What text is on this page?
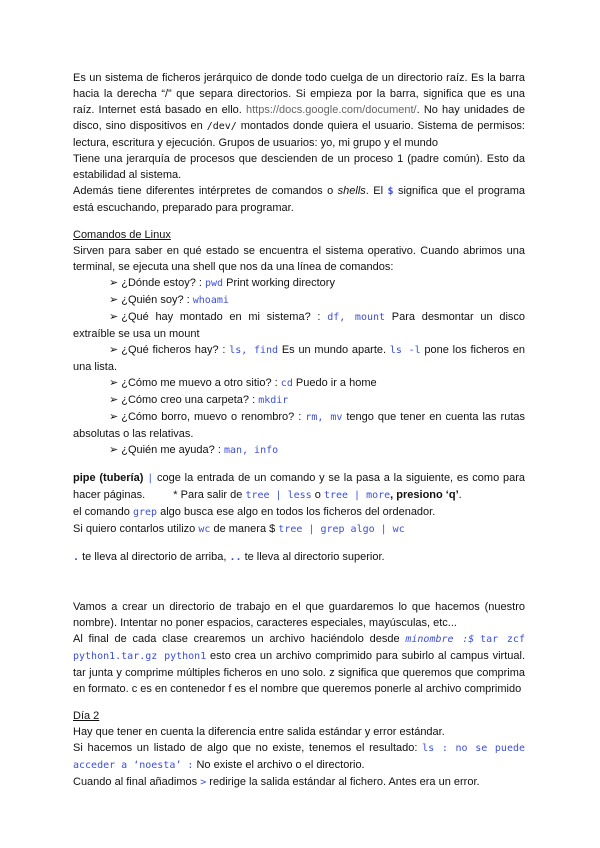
Es un sistema de ficheros jerárquico de donde todo cuelga de un directorio raíz. Es la barra hacia la derecha “/” que separa directorios. Si empieza por la barra, significa que es una raíz. Internet está basado en ello. https://docs.google.com/document/. No hay unidades de disco, sino dispositivos en /dev/ montados donde quiera el usuario. Sistema de permisos: lectura, escritura y ejecución. Grupos de usuarios: yo, mi grupo y el mundo

Tiene una jerarquía de procesos que descienden de un proceso 1 (padre común). Esto da estabilidad al sistema.

Además tiene diferentes intérpretes de comandos o shells. El $ significa que el programa está escuchando, preparado para programar.

Comandos de Linux

Sirven para saber en qué estado se encuentra el sistema operativo. Cuando abrimos una terminal, se ejecuta una shell que nos da una línea de comandos:

➢ ¿Dónde estoy? : pwd Print working directory

➢ ¿Quién soy? : whoami

➢ ¿Qué hay montado en mi sistema? : df, mount Para desmontar un disco extraíble se usa un mount

➢ ¿Qué ficheros hay? : ls, find Es un mundo aparte. ls -l pone los ficheros en una lista.

➢ ¿Cómo me muevo a otro sitio? : cd Puedo ir a home

➢ ¿Cómo creo una carpeta? : mkdir

➢ ¿Cómo borro, muevo o renombro? : rm, mv tengo que tener en cuenta las rutas absolutas o las relativas.

➢ ¿Quién me ayuda? : man, info

pipe (tubería) | coge la entrada de un comando y se la pasa a la siguiente, es como para hacer páginas.	* Para salir de tree | less o tree | more, presiono ‘q’.

el comando grep algo busca ese algo en todos los ficheros del ordenador.

Si quiero contarlos utilizo wc de manera $ tree | grep algo | wc

. te lleva al directorio de arriba, .. te lleva al directorio superior.

Vamos a crear un directorio de trabajo en el que guardaremos lo que hacemos (nuestro nombre). Intentar no poner espacios, caracteres especiales, mayúsculas, etc...

Al final de cada clase crearemos un archivo haciéndolo desde minombre :$ tar zcf python1.tar.gz python1 esto crea un archivo comprimido para subirlo al campus virtual. tar junta y comprime múltiples ficheros en uno solo. z significa que queremos que comprima en formato. c es en contenedor f es el nombre que queremos ponerle al archivo comprimido

Día 2

Hay que tener en cuenta la diferencia entre salida estándar y error estándar.

Si hacemos un listado de algo que no existe, tenemos el resultado: ls : no se puede acceder a ‘noesta’ : No existe el archivo o el directorio.

Cuando al final añadimos > redirige la salida estándar al fichero. Antes era un error.
